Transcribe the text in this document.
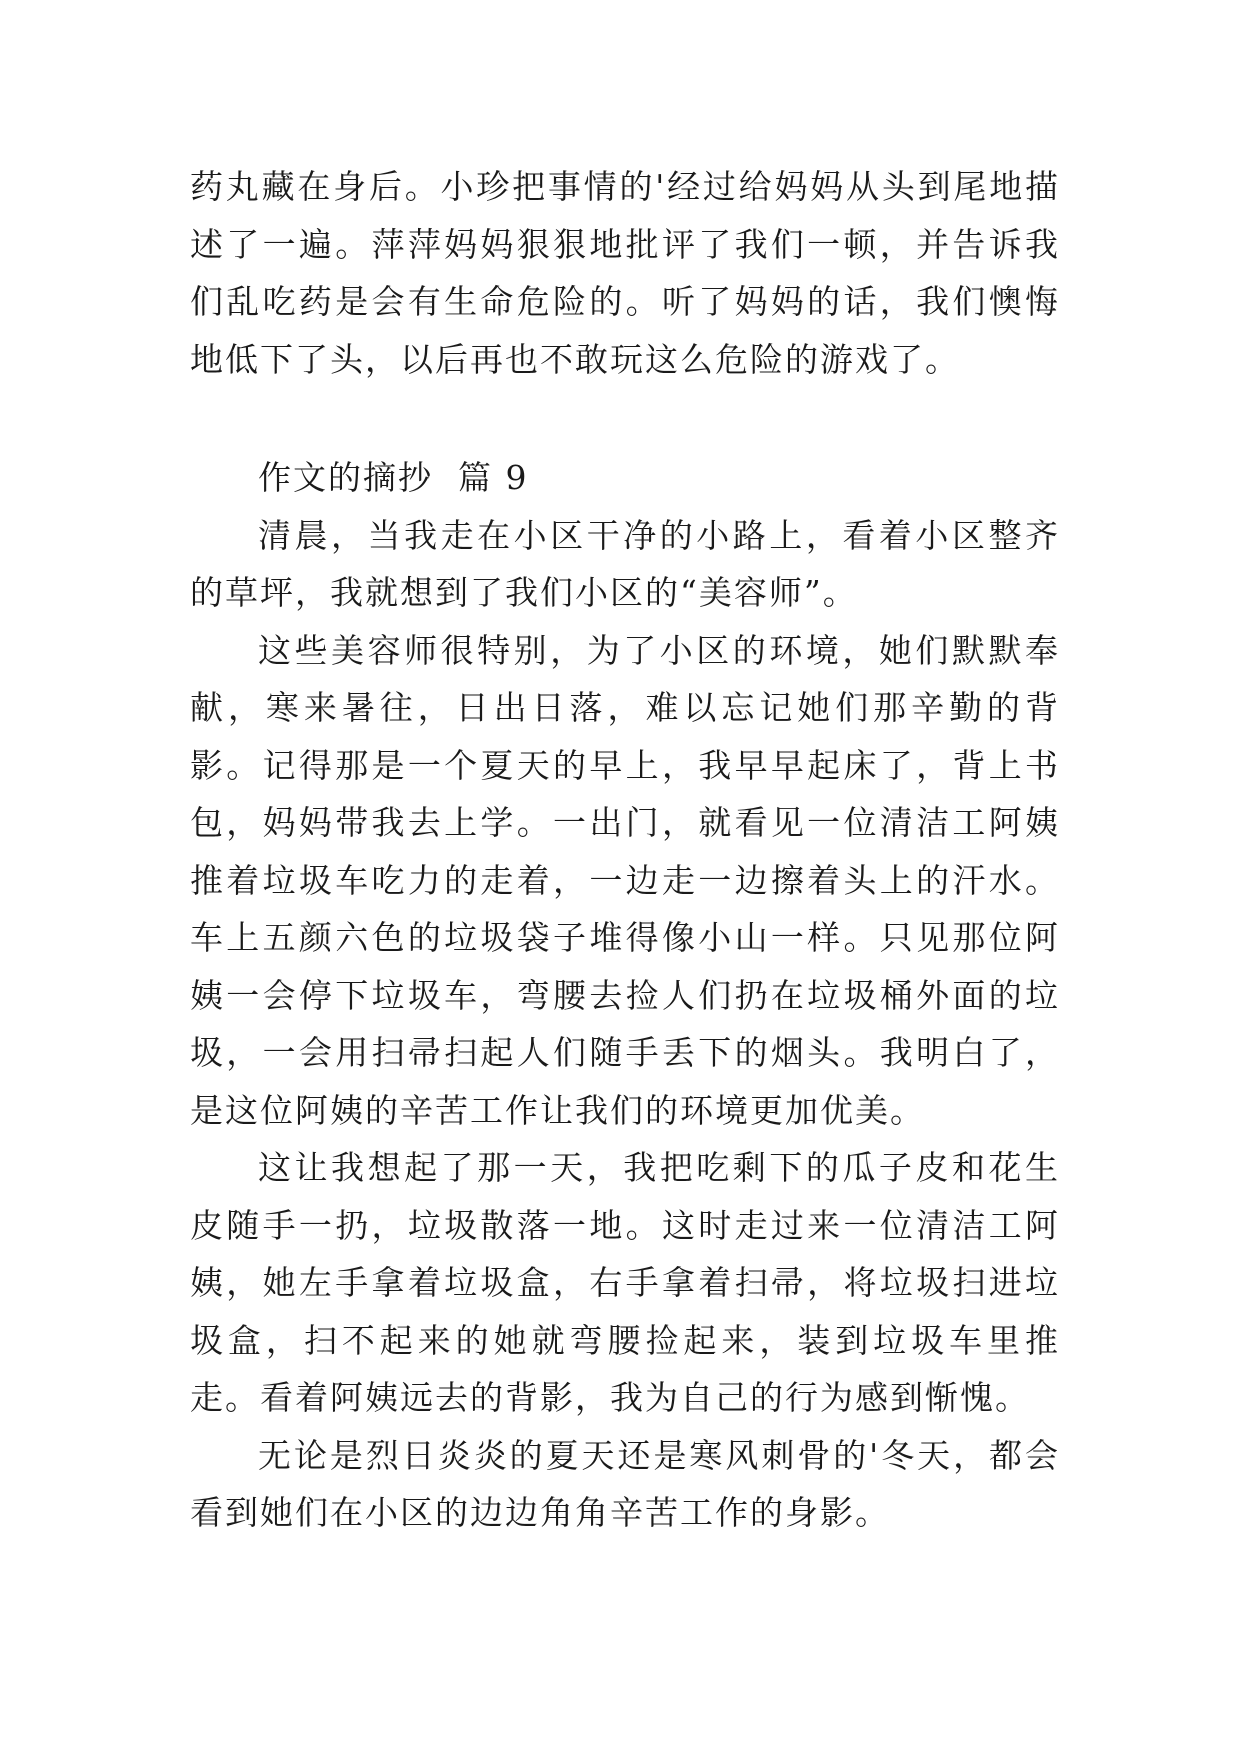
药丸藏在身后。小珍把事情的'经过给妈妈从头到尾地描述了一遍。萍萍妈妈狠狠地批评了我们一顿，并告诉我们乱吃药是会有生命危险的。听了妈妈的话，我们懊悔地低下了头，以后再也不敢玩这么危险的游戏了。

作文的摘抄  篇 9

清晨，当我走在小区干净的小路上，看着小区整齐的草坪，我就想到了我们小区的“美容师”。

这些美容师很特别，为了小区的环境，她们默默奉献，寒来暑往，日出日落，难以忘记她们那辛勤的背影。记得那是一个夏天的早上，我早早起床了，背上书包，妈妈带我去上学。一出门，就看见一位清洁工阿姨推着垃圾车吃力的走着，一边走一边擦着头上的汗水。车上五颜六色的垃圾袋子堆得像小山一样。只见那位阿姨一会停下垃圾车，弯腰去捡人们扔在垃圾桶外面的垃圾，一会用扫帚扫起人们随手丢下的烟头。我明白了，是这位阿姨的辛苦工作让我们的环境更加优美。

这让我想起了那一天，我把吃剩下的瓜子皮和花生皮随手一扔，垃圾散落一地。这时走过来一位清洁工阿姨，她左手拿着垃圾盒，右手拿着扫帚，将垃圾扫进垃圾盒，扫不起来的她就弯腰捡起来，装到垃圾车里推走。看着阿姨远去的背影，我为自己的行为感到惭愧。

无论是烈日炎炎的夏天还是寒风刺骨的'冬天，都会看到她们在小区的边边角角辛苦工作的身影。
